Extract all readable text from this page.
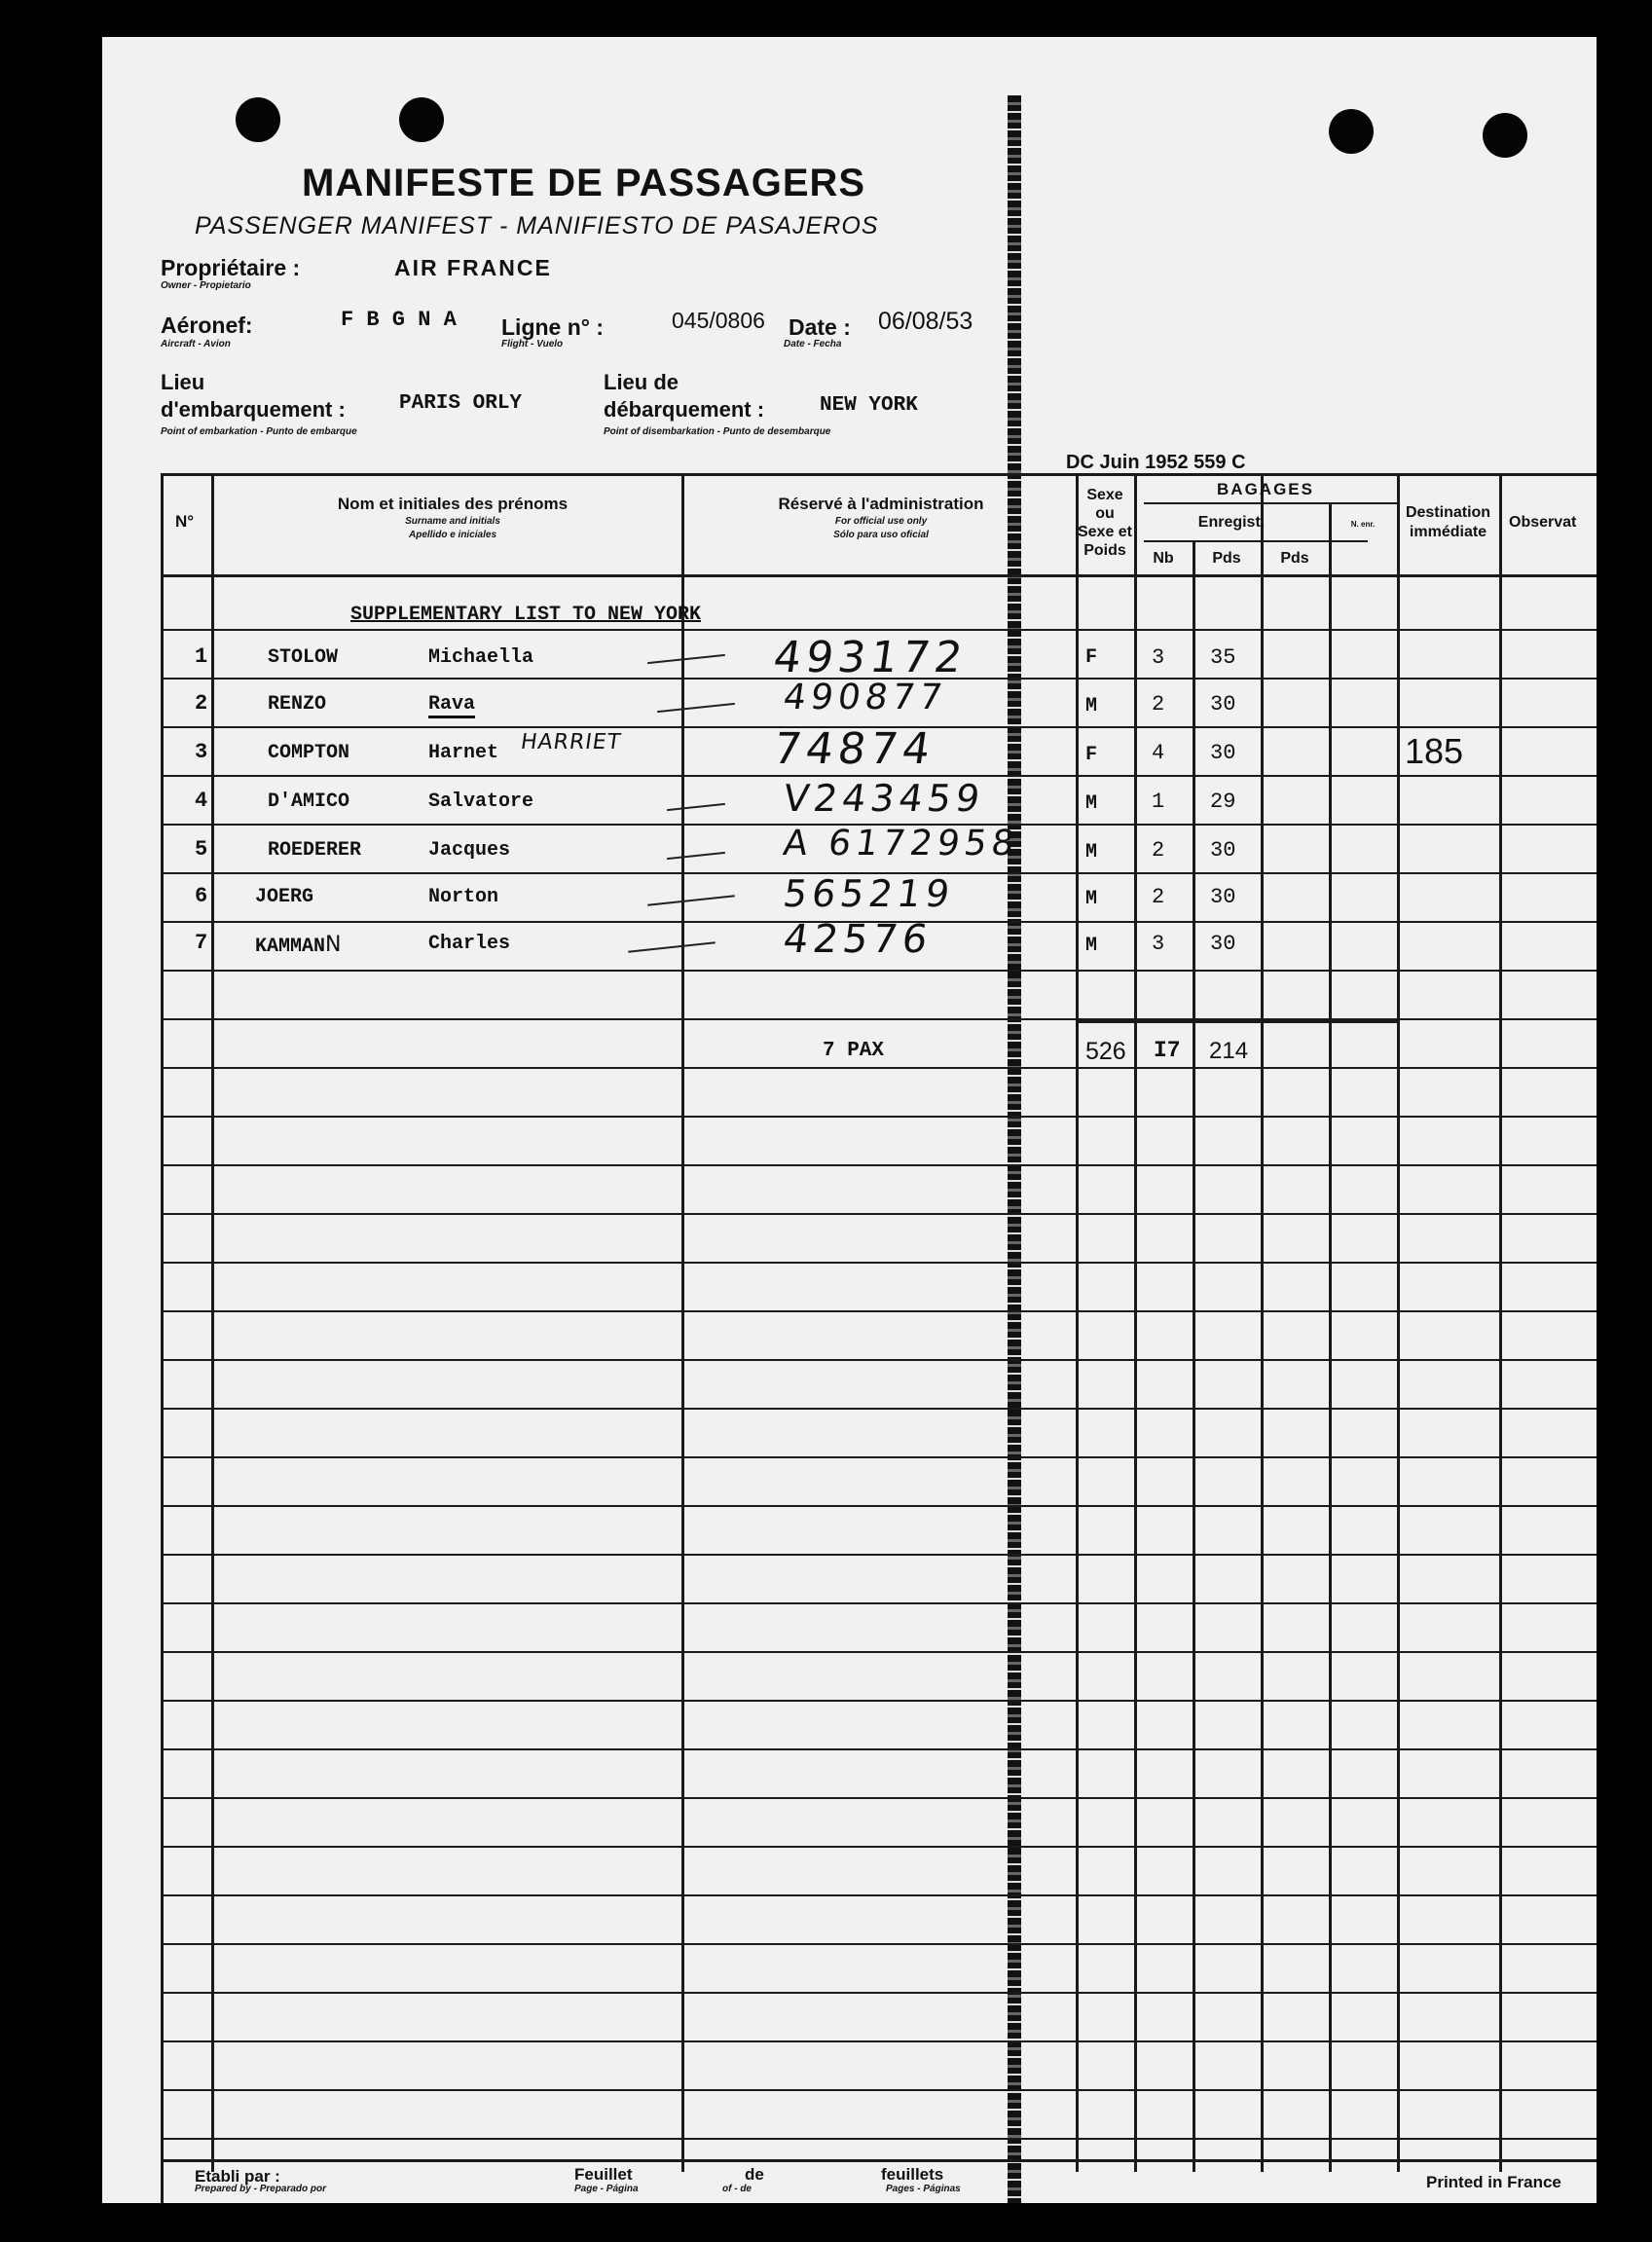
MANIFESTE DE PASSAGERS
PASSENGER MANIFEST - MANIFIESTO DE PASAJEROS
Propriétaire :	AIR FRANCE
Owner - Propietario
Aéronef:	F B G N A
Aircraft - Avion
Ligne n° :	045/0806
Flight - Vuelo
Date : 06/08/53
Date - Fecha
Lieu
d'embarquement :	PARIS ORLY
Point of embarkation - Punto de embarque
Lieu de
débarquement :	NEW YORK
Point of disembarkation - Punto de desembarque
DC Juin 1952 559 C
N°
Nom et initiales des prénoms
Surname and initials
Apellido e iniciales
Réservé à l'administration
For official use only
Sólo para uso oficial
Sexe
ou
Sexe et
Poids
BAGAGES
Enregist.	N. enr.
Nb	Pds	Pds
Destination
immédiate
Observat
SUPPLEMENTARY LIST TO NEW YORK
1	STOLOW	Michaella	493172	F	3 35
2	RENZO	Rava	490877	M	2 30
3	COMPTON	Harnet HARRIET	74874	F	4 30	185
4	D'AMICO	Salvatore	V243459	M	1 29
5	ROEDERER	Jacques	A 6172958	M	2 30
6 JOERG	Norton	565219	M	2 30
7 KAMMANN	Charles	42576	M	3 30
7 PAX	526 I7 214
Etabli par :
Prepared by - Preparado por
Feuillet
Page - Página
de
of - de
feuillets
Pages - Páginas	Printed in France
